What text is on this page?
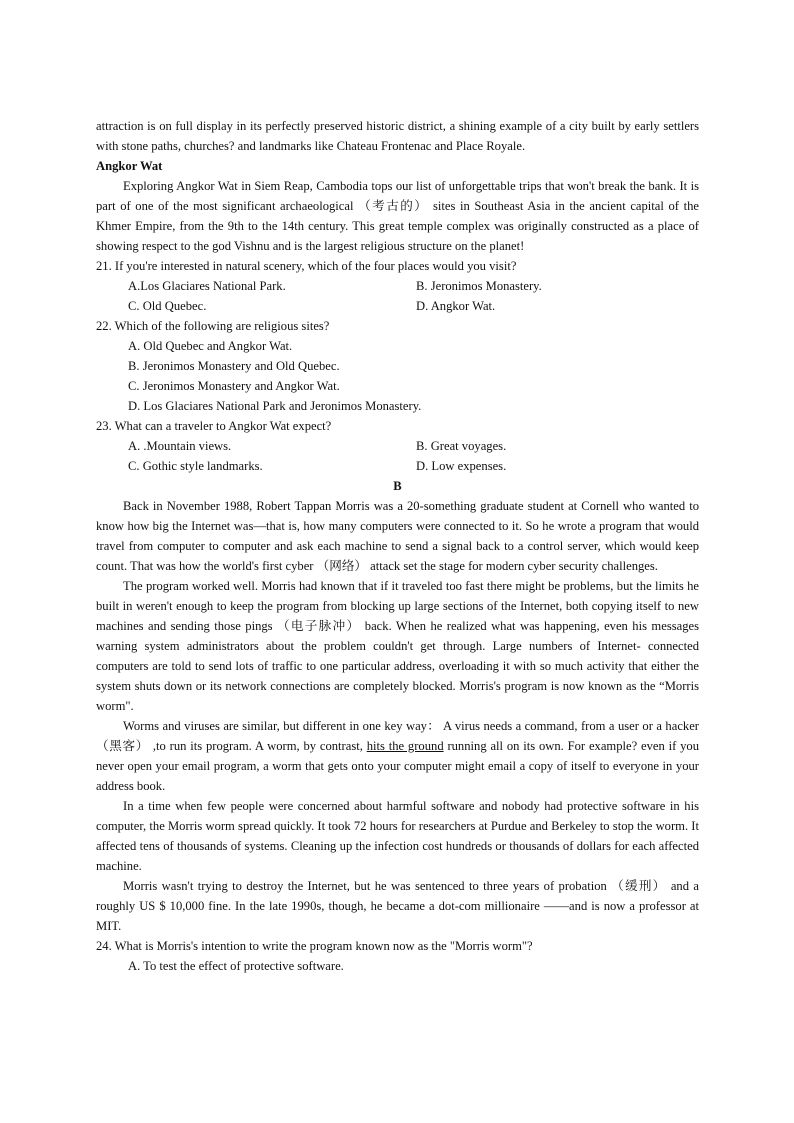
attraction is on full display in its perfectly preserved historic district, a shining example of a city built by early settlers with stone paths, churches? and landmarks like Chateau Frontenac and Place Royale.

Angkor Wat

Exploring Angkor Wat in Siem Reap, Cambodia tops our list of unforgettable trips that won't break the bank. It is part of one of the most significant archaeological （考古的） sites in Southeast Asia in the ancient capital of the Khmer Empire, from the 9th to the 14th century. This great temple complex was originally constructed as a place of showing respect to the god Vishnu and is the largest religious structure on the planet!

21. If you're interested in natural scenery, which of the four places would you visit?

A.Los Glaciares National Park.	B. Jeronimos Monastery.
C. Old Quebec.	D. Angkor Wat.

22. Which of the following are religious sites?

A. Old Quebec and Angkor Wat.

B. Jeronimos Monastery and Old Quebec.

C. Jeronimos Monastery and Angkor Wat.

D. Los Glaciares National Park and Jeronimos Monastery.

23. What can a traveler to Angkor Wat expect?

A. .Mountain views.	B. Great voyages.
C. Gothic style landmarks.	D. Low expenses.

B

Back in November 1988, Robert Tappan Morris was a 20-something graduate student at Cornell who wanted to know how big the Internet was—that is, how many computers were connected to it. So he wrote a program that would travel from computer to computer and ask each machine to send a signal back to a control server, which would keep count. That was how the world's first cyber （网络） attack set the stage for modern cyber security challenges.

The program worked well. Morris had known that if it traveled too fast there might be problems, but the limits he built in weren't enough to keep the program from blocking up large sections of the Internet, both copying itself to new machines and sending those pings （电子脉冲） back. When he realized what was happening, even his messages warning system administrators about the problem couldn't get through. Large numbers of Internet- connected computers are told to send lots of traffic to one particular address, overloading it with so much activity that either the system shuts down or its network connections are completely blocked. Morris's program is now known as the “Morris worm".

Worms and viruses are similar, but different in one key way： A virus needs a command, from a user or a hacker （黑客） ,to run its program. A worm, by contrast, hits the ground running all on its own. For example? even if you never open your email program, a worm that gets onto your computer might email a copy of itself to everyone in your address book.

In a time when few people were concerned about harmful software and nobody had protective software in his computer, the Morris worm spread quickly. It took 72 hours for researchers at Purdue and Berkeley to stop the worm. It affected tens of thousands of systems. Cleaning up the infection cost hundreds or thousands of dollars for each affected machine.

Morris wasn't trying to destroy the Internet, but he was sentenced to three years of probation （缓刑） and a roughly US $ 10,000 fine. In the late 1990s, though, he became a dot-com millionaire ——and is now a professor at MIT.

24. What is Morris's intention to write the program known now as the "Morris worm"?

A. To test the effect of protective software.
